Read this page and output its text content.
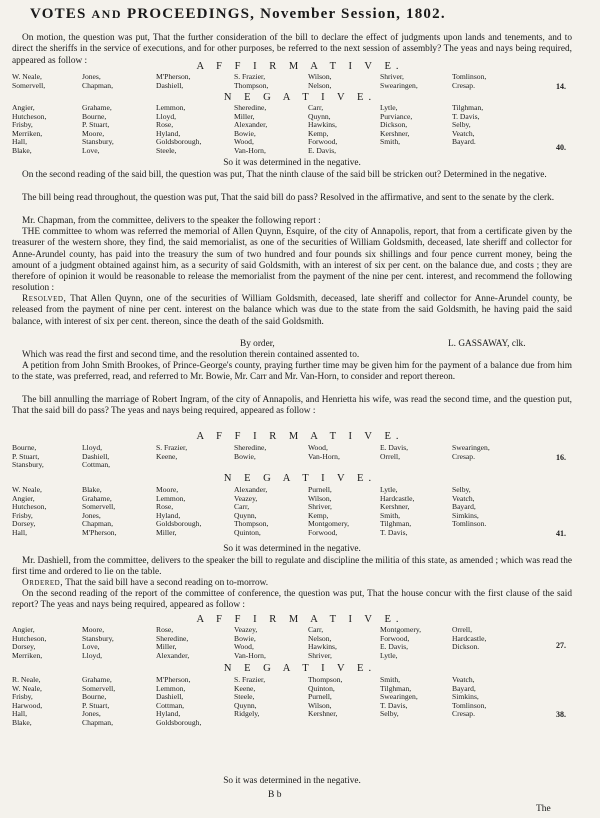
VOTES AND PROCEEDINGS, November Session, 1802.
On motion, the question was put, That the further consideration of the bill to declare the effect of judgments upon lands and tenements, and to direct the sheriffs in the service of executions, and for other purposes, be referred to the next session of assembly? The yeas and nays being required, appeared as follow :
A F F I R M A T I V E.
W. Neale,	Jones,	M'Pherson,	S. Frazier,	Wilson,	Shriver,	Tomlinson,
Somervell,	Chapman,	Dashiell,	Thompson,	Nelson,	Swearingen,	Cresap.	14.
N E G A T I V E.
Angier,	Grahame,	Lemmon,	Sheredine,	Carr,	Lytle,	Tilghman,
Hutcheson,	Bourne,	Lloyd,	Miller,	Quynn,	Purviance,	T. Davis,
Frisby,	P. Stuart,	Rose,	Alexander,	Hawkins,	Dickson,	Selby,
Merriken,	Moore,	Hyland,	Bowie,	Kemp,	Kershner,	Veatch,
Hall,	Stansbury,	Goldsborough,	Wood,	Forwood,	Smith,	Bayard.
Blake,	Love,	Steele,	Van-Horn,	E. Davis,	40.
So it was determined in the negative.
On the second reading of the said bill, the question was put, That the ninth clause of the said bill be stricken out? Determined in the negative.
The bill being read throughout, the question was put, That the said bill do pass? Resolved in the affirmative, and sent to the senate by the clerk.
Mr. Chapman, from the committee, delivers to the speaker the following report :
THE committee to whom was referred the memorial of Allen Quynn, Esquire, of the city of Annapolis, report, that from a certificate given by the treasurer of the western shore, they find, the said memorialist, as one of the securities of William Goldsmith, deceased, late sheriff and collector for Anne-Arundel county, has paid into the treasury the sum of two hundred and four pounds six shillings and four pence current money, being the amount of a judgment obtained against him, as a security of said Goldsmith, with an interest of six per cent. on the balance due, and costs ; they are therefore of opinion it would be reasonable to release the memorialist from the payment of the nine per cent. interest, and recommend the following resolution :
Resolved, That Allen Quynn, one of the securities of William Goldsmith, deceased, late sheriff and collector for Anne-Arundel county, be released from the payment of nine per cent. interest on the balance which was due to the state from the said Goldsmith, he having paid the said balance, with interest of six per cent. thereon, since the death of the said Goldsmith.
By order,	L. GASSAWAY, clk.
Which was read the first and second time, and the resolution therein contained assented to.
A petition from John Smith Brookes, of Prince-George's county, praying further time may be given him for the payment of a balance due from him to the state, was preferred, read, and referred to Mr. Bowie, Mr. Carr and Mr. Van-Horn, to consider and report thereon.
The bill annulling the marriage of Robert Ingram, of the city of Annapolis, and Henrietta his wife, was read the second time, and the question put, That the said bill do pass? The yeas and nays being required, appeared as follow :
A F F I R M A T I V E.
Bourne,	Lloyd,	S. Frazier,	Sheredine,	Wood,	E. Davis,	Swearingen,
P. Stuart,	Dashiell,	Keene,	Bowie,	Van-Horn,	Orrell,	Cresap.
Stansbury,	Cottman,
16.
N E G A T I V E.
W. Neale,	Blake,	Moore,	Alexander,	Purnell,	Lytle,	Selby,
Angier,	Grahame,	Lemmon,	Veazey,	Wilson,	Hardcastle,	Veatch,
Hutcheson,	Somervell,	Rose,	Carr,	Shriver,	Kershner,	Bayard,
Frisby,	Jones,	Hyland,	Quynn,	Kemp,	Smith,	Simkins,
Dorsey,	Chapman,	Goldsborough,	Thompson,	Montgomery,	Tilghman,	Tomlinson.
Hall,	M'Pherson,	Miller,	Quinton,	Forwood,	T. Davis,	41.
So it was determined in the negative.
Mr. Dashiell, from the committee, delivers to the speaker the bill to regulate and discipline the militia of this state, as amended ; which was read the first time and ordered to lie on the table.
Ordered, That the said bill have a second reading on to-morrow.
On the second reading of the report of the committee of conference, the question was put, That the house concur with the first clause of the said report? The yeas and nays being required, appeared as follow :
A F F I R M A T I V E.
Angier,	Moore,	Rose,	Veazey,	Carr,	Montgomery,	Orrell,
Hutcheson,	Stansbury,	Sheredine,	Bowie,	Nelson,	Forwood,	Hardcastle,
Dorsey,	Love,	Miller,	Wood,	Hawkins,	E. Davis,	Dickson.
Merriken,	Lloyd,	Alexander,	Van-Horn,	Shriver,	Lytle,
27.
N E G A T I V E.
R. Neale,	Grahame,	M'Pherson,	S. Frazier,	Thompson,	Smith,	Veatch,
W. Neale,	Somervell,	Lemmon,	Keene,	Quinton,	Tilghman,	Bayard,
Frisby,	Bourne,	Dashiell,	Steele,	Purnell,	Swearingen,	Simkins,
Harwood,	P. Stuart,	Cottman,	Quynn,	Wilson,	T. Davis,	Tomlinson,
Hall,	Jones,	Hyland,	Ridgely,	Kershner,	Selby,	Cresap.
Blake,	Chapman,	Goldsborough,
38.
So it was determined in the negative.
B b
The
